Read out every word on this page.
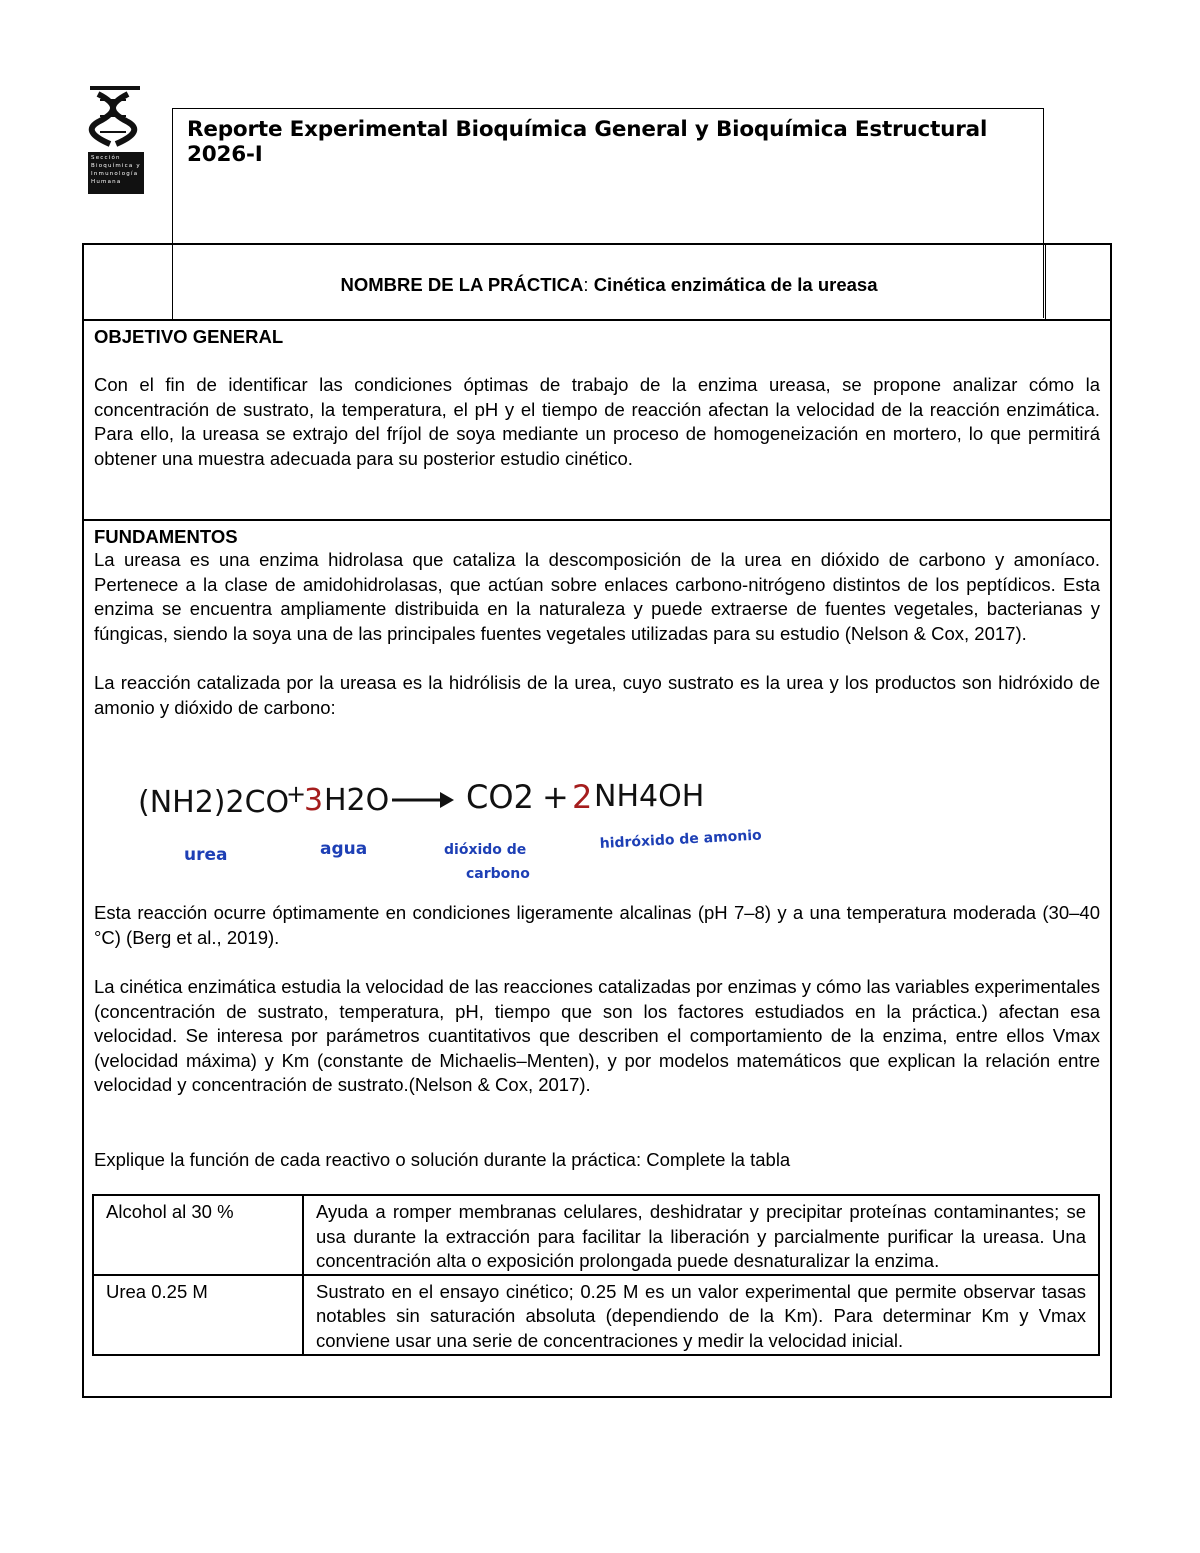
Sección
Bioquímica y
Inmunología
Humana
Reporte Experimental Bioquímica General y Bioquímica Estructural 2026-I
NOMBRE DE LA PRÁCTICA: Cinética enzimática de la ureasa
OBJETIVO GENERAL

Con el fin de identificar las condiciones óptimas de trabajo de la enzima ureasa, se propone analizar cómo la concentración de sustrato, la temperatura, el pH y el tiempo de reacción afectan la velocidad de la reacción enzimática. Para ello, la ureasa se extrajo del fríjol de soya mediante un proceso de homogeneización en mortero, lo que permitirá obtener una muestra adecuada para su posterior estudio cinético.

FUNDAMENTOS

La ureasa es una enzima hidrolasa que cataliza la descomposición de la urea en dióxido de carbono y amoníaco. Pertenece a la clase de amidohidrolasas, que actúan sobre enlaces carbono-nitrógeno distintos de los peptídicos. Esta enzima se encuentra ampliamente distribuida en la naturaleza y puede extraerse de fuentes vegetales, bacterianas y fúngicas, siendo la soya una de las principales fuentes vegetales utilizadas para su estudio (Nelson & Cox, 2017).

La reacción catalizada por la ureasa es la hidrólisis de la urea, cuyo sustrato es la urea y los productos son hidróxido de amonio y dióxido de carbono:

(NH2)2CO
+
3 H2O CO2 + 2 NH4OH
urea	agua	dióxido de
carbono
hidróxido de amonio

Esta reacción ocurre óptimamente en condiciones ligeramente alcalinas (pH 7–8) y a una temperatura moderada (30–40 °C) (Berg et al., 2019).

La cinética enzimática estudia la velocidad de las reacciones catalizadas por enzimas y cómo las variables experimentales (concentración de sustrato, temperatura, pH, tiempo que son los factores estudiados en la práctica.) afectan esa velocidad. Se interesa por parámetros cuantitativos que describen el comportamiento de la enzima, entre ellos Vmax (velocidad máxima) y Km (constante de Michaelis–Menten), y por modelos matemáticos que explican la relación entre velocidad y concentración de sustrato.(Nelson & Cox, 2017).

Explique la función de cada reactivo o solución durante la práctica: Complete la tabla

Alcohol al 30 %	Ayuda a romper membranas celulares, deshidratar y precipitar proteínas contaminantes; se usa durante la extracción para facilitar la liberación y parcialmente purificar la ureasa. Una concentración alta o exposición prolongada puede desnaturalizar la enzima.
Urea 0.25 M	Sustrato en el ensayo cinético; 0.25 M es un valor experimental que permite observar tasas notables sin saturación absoluta (dependiendo de la Km). Para determinar Km y Vmax conviene usar una serie de concentraciones y medir la velocidad inicial.
